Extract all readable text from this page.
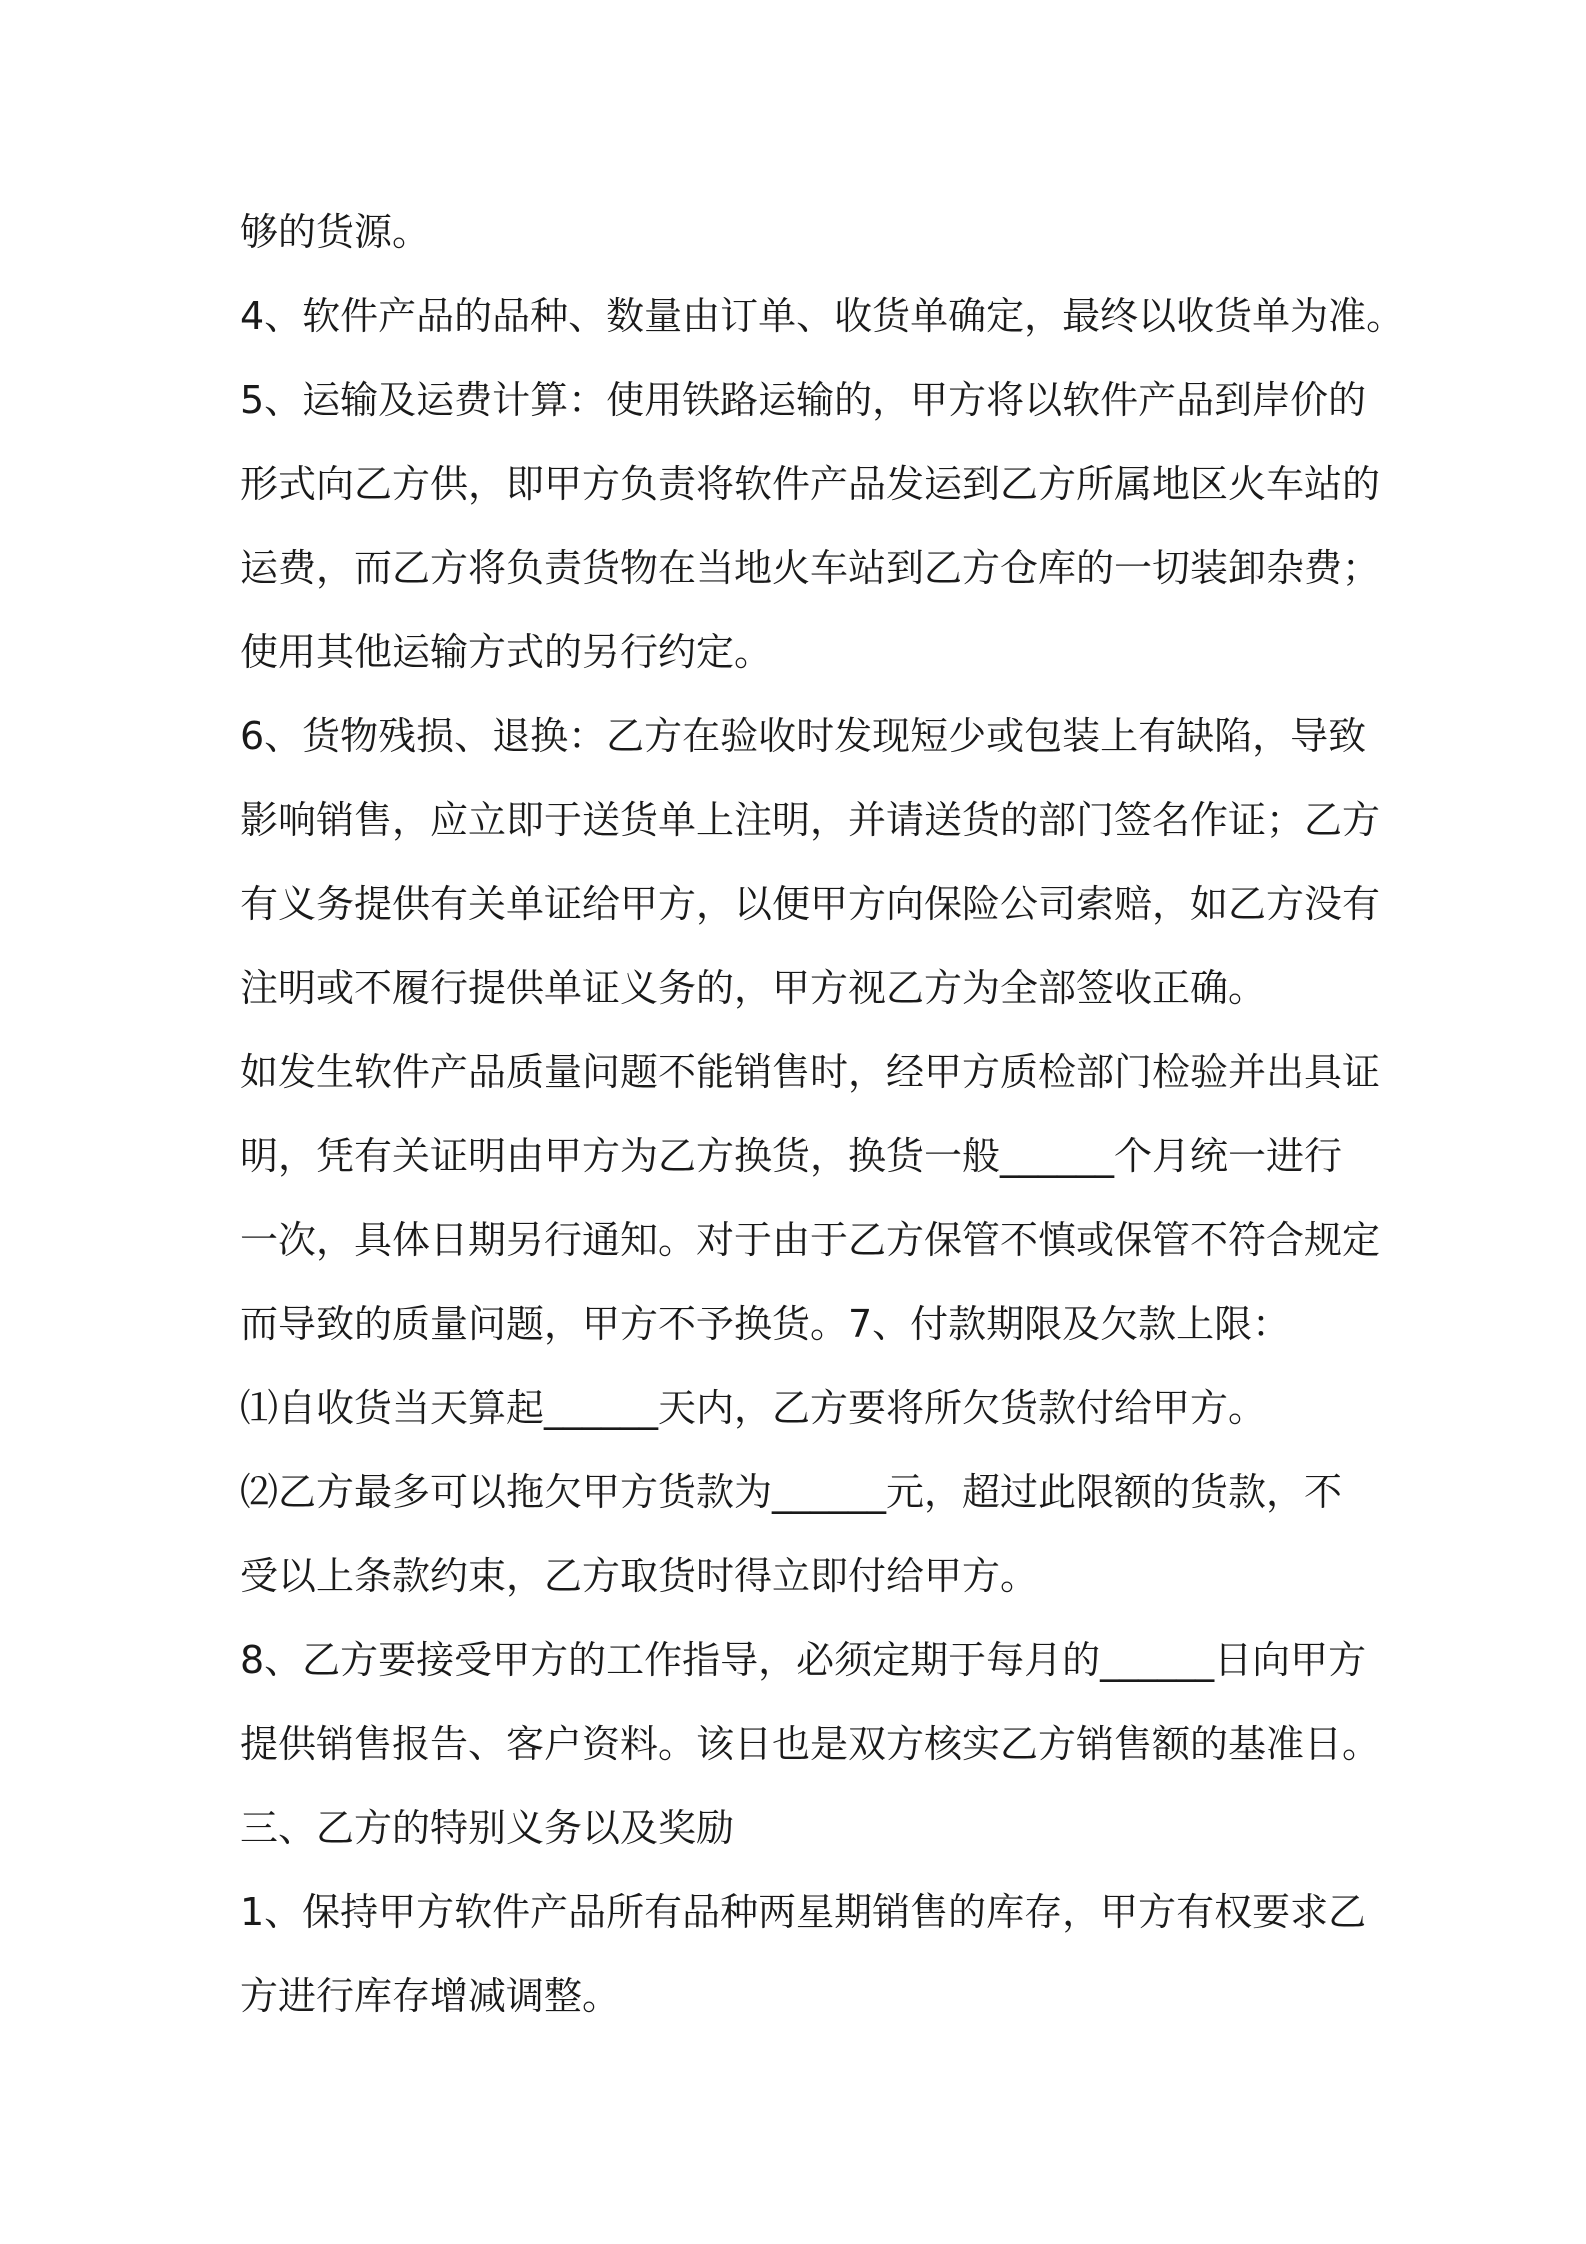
够的货源。
4、软件产品的品种、数量由订单、收货单确定，最终以收货单为准。
5、运输及运费计算：使用铁路运输的，甲方将以软件产品到岸价的
形式向乙方供，即甲方负责将软件产品发运到乙方所属地区火车站的
运费，而乙方将负责货物在当地火车站到乙方仓库的一切装卸杂费；
使用其他运输方式的另行约定。
6、货物残损、退换：乙方在验收时发现短少或包装上有缺陷，导致
影响销售，应立即于送货单上注明，并请送货的部门签名作证；乙方
有义务提供有关单证给甲方，以便甲方向保险公司索赔，如乙方没有
注明或不履行提供单证义务的，甲方视乙方为全部签收正确。
如发生软件产品质量问题不能销售时，经甲方质检部门检验并出具证
明，凭有关证明由甲方为乙方换货，换货一般______个月统一进行
一次，具体日期另行通知。对于由于乙方保管不慎或保管不符合规定
而导致的质量问题，甲方不予换货。7、付款期限及欠款上限：
⑴自收货当天算起______天内，乙方要将所欠货款付给甲方。
⑵乙方最多可以拖欠甲方货款为______元，超过此限额的货款，不
受以上条款约束，乙方取货时得立即付给甲方。
8、乙方要接受甲方的工作指导，必须定期于每月的______日向甲方
提供销售报告、客户资料。该日也是双方核实乙方销售额的基准日。
三、乙方的特别义务以及奖励
1、保持甲方软件产品所有品种两星期销售的库存，甲方有权要求乙
方进行库存增减调整。
